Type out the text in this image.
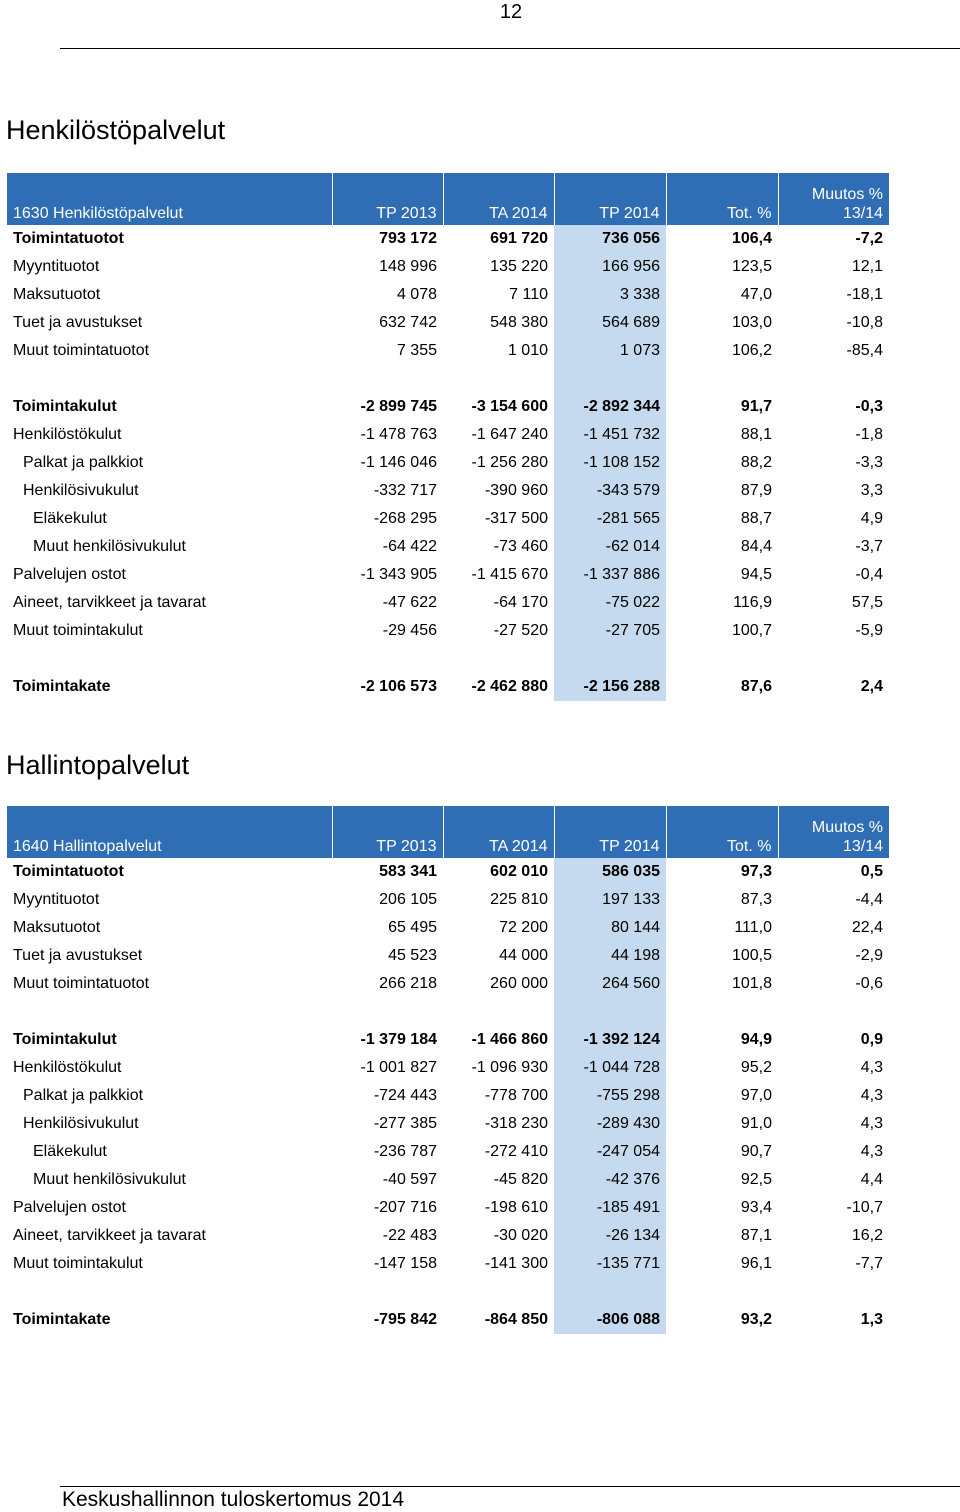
12
Henkilöstöpalvelut
1630 Henkilöstöpalvelut	TP 2013	TA 2014	TP 2014	Tot. %	Muutos %
13/14

Toimintatuotot	793 172	691 720	736 056	106,4	-7,2
Myyntituotot	148 996	135 220	166 956	123,5	12,1
Maksutuotot	4 078	7 110	3 338	47,0	-18,1
Tuet ja avustukset	632 742	548 380	564 689	103,0	-10,8
Muut toimintatuotot	7 355	1 010	1 073	106,2	-85,4

Toimintakulut	-2 899 745	-3 154 600	-2 892 344	91,7	-0,3
Henkilöstökulut	-1 478 763	-1 647 240	-1 451 732	88,1	-1,8
Palkat ja palkkiot	-1 146 046	-1 256 280	-1 108 152	88,2	-3,3
Henkilösivukulut	-332 717	-390 960	-343 579	87,9	3,3
Eläkekulut	-268 295	-317 500	-281 565	88,7	4,9
Muut henkilösivukulut	-64 422	-73 460	-62 014	84,4	-3,7
Palvelujen ostot	-1 343 905	-1 415 670	-1 337 886	94,5	-0,4
Aineet, tarvikkeet ja tavarat	-47 622	-64 170	-75 022	116,9	57,5
Muut toimintakulut	-29 456	-27 520	-27 705	100,7	-5,9

Toimintakate	-2 106 573	-2 462 880	-2 156 288	87,6	2,4
Hallintopalvelut
1640 Hallintopalvelut	TP 2013	TA 2014	TP 2014	Tot. %	Muutos %
13/14

Toimintatuotot	583 341	602 010	586 035	97,3	0,5
Myyntituotot	206 105	225 810	197 133	87,3	-4,4
Maksutuotot	65 495	72 200	80 144	111,0	22,4
Tuet ja avustukset	45 523	44 000	44 198	100,5	-2,9
Muut toimintatuotot	266 218	260 000	264 560	101,8	-0,6

Toimintakulut	-1 379 184	-1 466 860	-1 392 124	94,9	0,9
Henkilöstökulut	-1 001 827	-1 096 930	-1 044 728	95,2	4,3
Palkat ja palkkiot	-724 443	-778 700	-755 298	97,0	4,3
Henkilösivukulut	-277 385	-318 230	-289 430	91,0	4,3
Eläkekulut	-236 787	-272 410	-247 054	90,7	4,3
Muut henkilösivukulut	-40 597	-45 820	-42 376	92,5	4,4
Palvelujen ostot	-207 716	-198 610	-185 491	93,4	-10,7
Aineet, tarvikkeet ja tavarat	-22 483	-30 020	-26 134	87,1	16,2
Muut toimintakulut	-147 158	-141 300	-135 771	96,1	-7,7

Toimintakate	-795 842	-864 850	-806 088	93,2	1,3
Keskushallinnon tuloskertomus 2014
